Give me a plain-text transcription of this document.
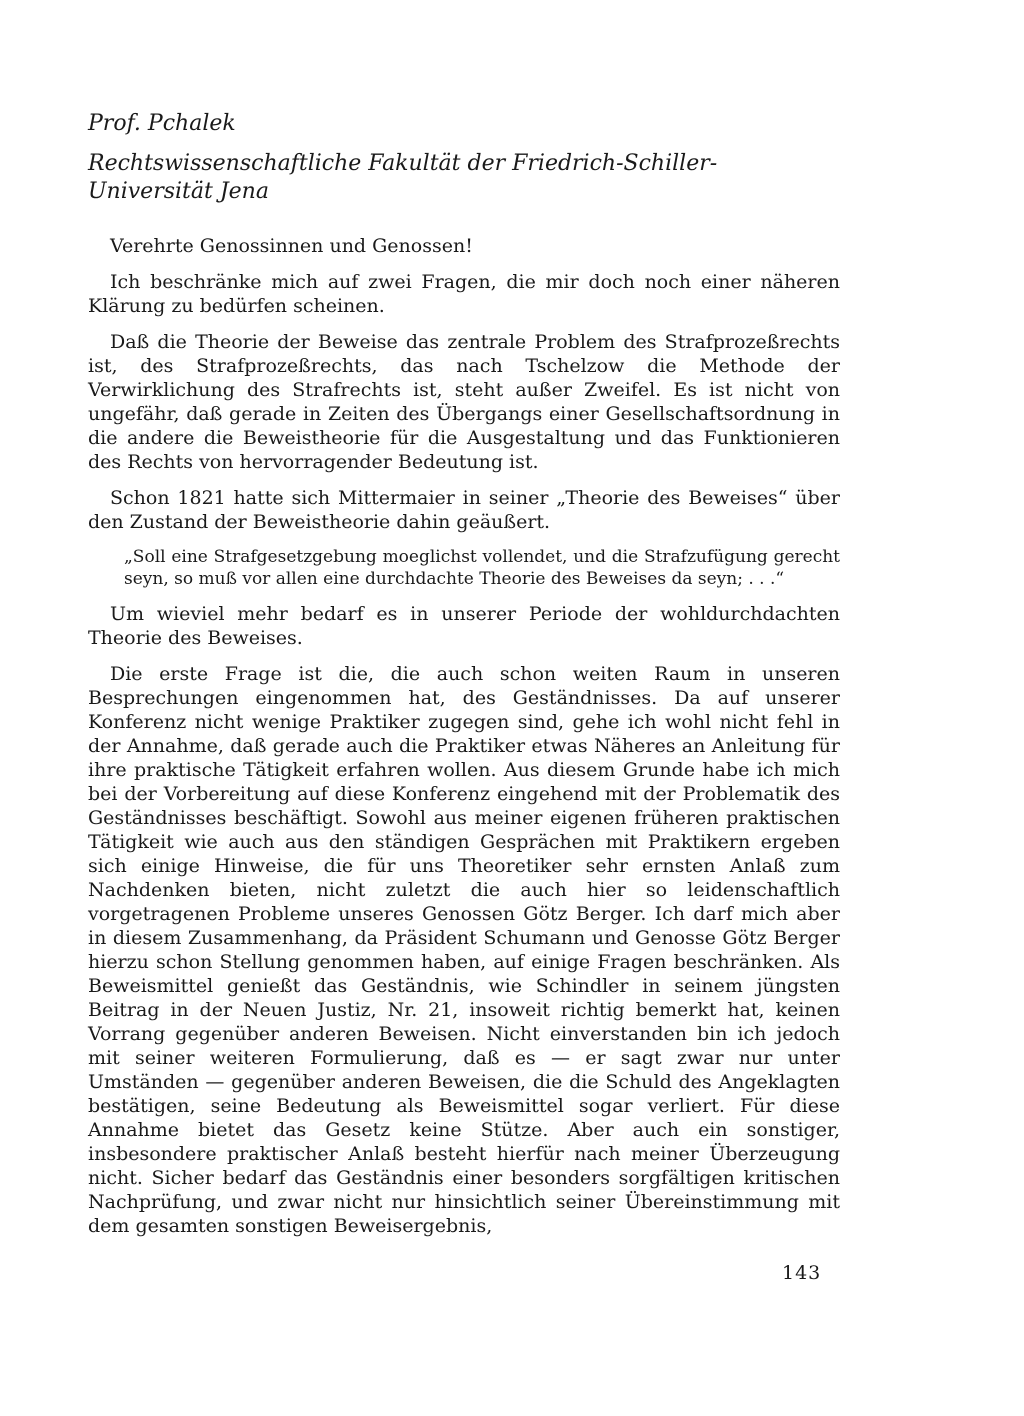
Prof. Pchalek
Rechtswissenschaftliche Fakultät der Friedrich-Schiller-Universität Jena

Verehrte Genossinnen und Genossen!

Ich beschränke mich auf zwei Fragen, die mir doch noch einer näheren Klärung zu bedürfen scheinen.

Daß die Theorie der Beweise das zentrale Problem des Strafprozeßrechts ist, des Strafprozeßrechts, das nach Tschelzow die Methode der Verwirklichung des Strafrechts ist, steht außer Zweifel. Es ist nicht von ungefähr, daß gerade in Zeiten des Übergangs einer Gesellschaftsordnung in die andere die Beweistheorie für die Ausgestaltung und das Funktionieren des Rechts von hervorragender Bedeutung ist.

Schon 1821 hatte sich Mittermaier in seiner „Theorie des Beweises“ über den Zustand der Beweistheorie dahin geäußert.

„Soll eine Strafgesetzgebung moeglichst vollendet, und die Strafzufügung gerecht seyn, so muß vor allen eine durchdachte Theorie des Beweises da seyn; . . .“

Um wieviel mehr bedarf es in unserer Periode der wohldurchdachten Theorie des Beweises.

Die erste Frage ist die, die auch schon weiten Raum in unseren Besprechungen eingenommen hat, des Geständnisses. Da auf unserer Konferenz nicht wenige Praktiker zugegen sind, gehe ich wohl nicht fehl in der Annahme, daß gerade auch die Praktiker etwas Näheres an Anleitung für ihre praktische Tätigkeit erfahren wollen. Aus diesem Grunde habe ich mich bei der Vorbereitung auf diese Konferenz eingehend mit der Problematik des Geständnisses beschäftigt. Sowohl aus meiner eigenen früheren praktischen Tätigkeit wie auch aus den ständigen Gesprächen mit Praktikern ergeben sich einige Hinweise, die für uns Theoretiker sehr ernsten Anlaß zum Nachdenken bieten, nicht zuletzt die auch hier so leidenschaftlich vorgetragenen Probleme unseres Genossen Götz Berger. Ich darf mich aber in diesem Zusammenhang, da Präsident Schumann und Genosse Götz Berger hierzu schon Stellung genommen haben, auf einige Fragen beschränken. Als Beweismittel genießt das Geständnis, wie Schindler in seinem jüngsten Beitrag in der Neuen Justiz, Nr. 21, insoweit richtig bemerkt hat, keinen Vorrang gegenüber anderen Beweisen. Nicht einverstanden bin ich jedoch mit seiner weiteren Formulierung, daß es — er sagt zwar nur unter Umständen — gegenüber anderen Beweisen, die die Schuld des Angeklagten bestätigen, seine Bedeutung als Beweismittel sogar verliert. Für diese Annahme bietet das Gesetz keine Stütze. Aber auch ein sonstiger, insbesondere praktischer Anlaß besteht hierfür nach meiner Überzeugung nicht. Sicher bedarf das Geständnis einer besonders sorgfältigen kritischen Nachprüfung, und zwar nicht nur hinsichtlich seiner Übereinstimmung mit dem gesamten sonstigen Beweisergebnis,

143
